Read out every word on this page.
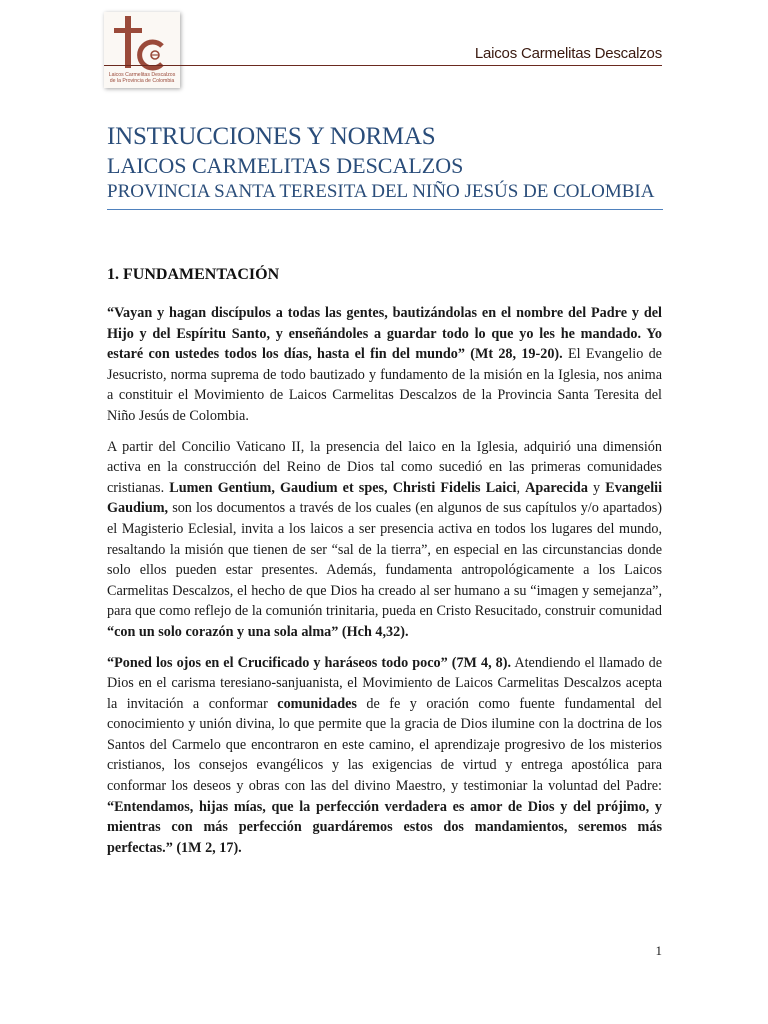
Laicos Carmelitas Descalzos
de la Provincia de Colombia
Laicos Carmelitas Descalzos
INSTRUCCIONES Y NORMAS
LAICOS CARMELITAS DESCALZOS
PROVINCIA SANTA TERESITA DEL NIÑO JESÚS DE COLOMBIA
1. FUNDAMENTACIÓN

“Vayan y hagan discípulos a todas las gentes, bautizándolas en el nombre del Padre y del Hijo y del Espíritu Santo, y enseñándoles a guardar todo lo que yo les he mandado. Yo estaré con ustedes todos los días, hasta el fin del mundo” (Mt 28, 19-20). El Evangelio de Jesucristo, norma suprema de todo bautizado y fundamento de la misión en la Iglesia, nos anima a constituir el Movimiento de Laicos Carmelitas Descalzos de la Provincia Santa Teresita del Niño Jesús de Colombia.

A partir del Concilio Vaticano II, la presencia del laico en la Iglesia, adquirió una dimensión activa en la construcción del Reino de Dios tal como sucedió en las primeras comunidades cristianas. Lumen Gentium, Gaudium et spes, Christi Fidelis Laici, Aparecida y Evangelii Gaudium, son los documentos a través de los cuales (en algunos de sus capítulos y/o apartados) el Magisterio Eclesial, invita a los laicos a ser presencia activa en todos los lugares del mundo, resaltando la misión que tienen de ser “sal de la tierra”, en especial en las circunstancias donde solo ellos pueden estar presentes. Además, fundamenta antropológicamente a los Laicos Carmelitas Descalzos, el hecho de que Dios ha creado al ser humano a su “imagen y semejanza”, para que como reflejo de la comunión trinitaria, pueda en Cristo Resucitado, construir comunidad “con un solo corazón y una sola alma” (Hch 4,32).

“Poned los ojos en el Crucificado y haráseos todo poco” (7M 4, 8). Atendiendo el llamado de Dios en el carisma teresiano-sanjuanista, el Movimiento de Laicos Carmelitas Descalzos acepta la invitación a conformar comunidades de fe y oración como fuente fundamental del conocimiento y unión divina, lo que permite que la gracia de Dios ilumine con la doctrina de los Santos del Carmelo que encontraron en este camino, el aprendizaje progresivo de los misterios cristianos, los consejos evangélicos y las exigencias de virtud y entrega apostólica para conformar los deseos y obras con las del divino Maestro, y testimoniar la voluntad del Padre: “Entendamos, hijas mías, que la perfección verdadera es amor de Dios y del prójimo, y mientras con más perfección guardáremos estos dos mandamientos, seremos más perfectas.” (1M 2, 17).

1
